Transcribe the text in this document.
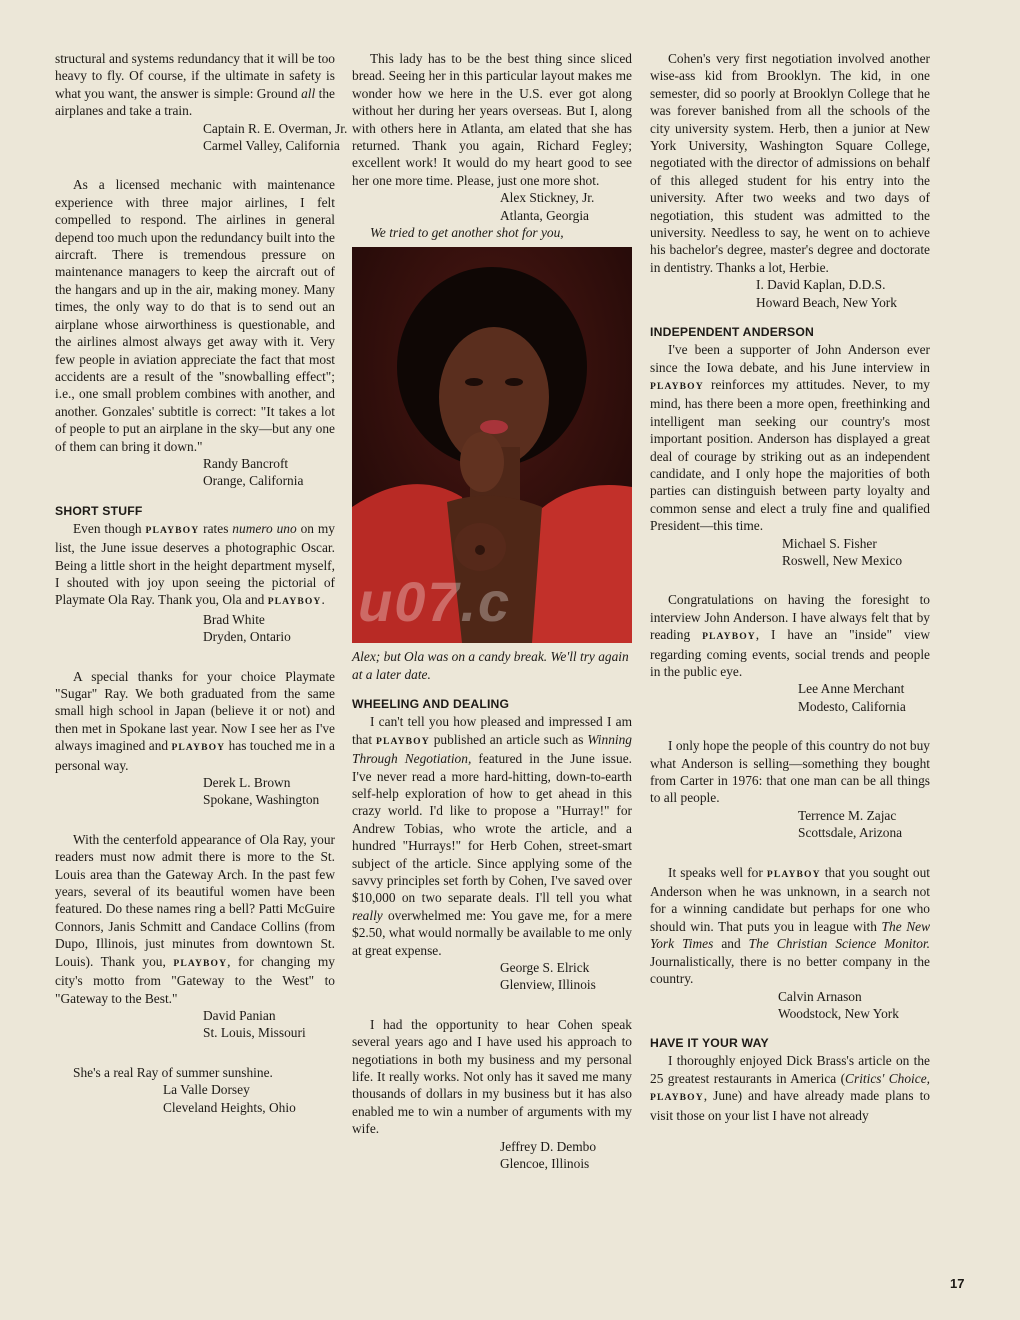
structural and systems redundancy that it will be too heavy to fly. Of course, if the ultimate in safety is what you want, the answer is simple: Ground all the airplanes and take a train.

Captain R. E. Overman, Jr.
Carmel Valley, California

As a licensed mechanic with maintenance experience with three major airlines, I felt compelled to respond. The airlines in general depend too much upon the redundancy built into the aircraft. There is tremendous pressure on maintenance managers to keep the aircraft out of the hangars and up in the air, making money. Many times, the only way to do that is to send out an airplane whose airworthiness is questionable, and the airlines almost always get away with it. Very few people in aviation appreciate the fact that most accidents are a result of the "snowballing effect"; i.e., one small problem combines with another, and another. Gonzales' subtitle is correct: "It takes a lot of people to put an airplane in the sky—but any one of them can bring it down."

Randy Bancroft
Orange, California
SHORT STUFF

Even though PLAYBOY rates numero uno on my list, the June issue deserves a photographic Oscar. Being a little short in the height department myself, I shouted with joy upon seeing the pictorial of Playmate Ola Ray. Thank you, Ola and PLAYBOY.

Brad White
Dryden, Ontario

A special thanks for your choice Playmate "Sugar" Ray. We both graduated from the same small high school in Japan (believe it or not) and then met in Spokane last year. Now I see her as I've always imagined and PLAYBOY has touched me in a personal way.

Derek L. Brown
Spokane, Washington

With the centerfold appearance of Ola Ray, your readers must now admit there is more to the St. Louis area than the Gateway Arch. In the past few years, several of its beautiful women have been featured. Do these names ring a bell? Patti McGuire Connors, Janis Schmitt and Candace Collins (from Dupo, Illinois, just minutes from downtown St. Louis). Thank you, PLAYBOY, for changing my city's motto from "Gateway to the West" to "Gateway to the Best."

David Panian
St. Louis, Missouri

She's a real Ray of summer sunshine.

La Valle Dorsey
Cleveland Heights, Ohio

This lady has to be the best thing since sliced bread. Seeing her in this particular layout makes me wonder how we here in the U.S. ever got along without her during her years overseas. But I, along with others here in Atlanta, am elated that she has returned. Thank you again, Richard Fegley; excellent work! It would do my heart good to see her one more time. Please, just one more shot.

Alex Stickney, Jr.
Atlanta, Georgia
We tried to get another shot for you,
u07.c
Alex; but Ola was on a candy break. We'll try again at a later date.
WHEELING AND DEALING

I can't tell you how pleased and impressed I am that PLAYBOY published an article such as Winning Through Negotiation, featured in the June issue. I've never read a more hard-hitting, down-to-earth self-help exploration of how to get ahead in this crazy world. I'd like to propose a "Hurray!" for Andrew Tobias, who wrote the article, and a hundred "Hurrays!" for Herb Cohen, street-smart subject of the article. Since applying some of the savvy principles set forth by Cohen, I've saved over $10,000 on two separate deals. I'll tell you what really overwhelmed me: You gave me, for a mere $2.50, what would normally be available to me only at great expense.

George S. Elrick
Glenview, Illinois

I had the opportunity to hear Cohen speak several years ago and I have used his approach to negotiations in both my business and my personal life. It really works. Not only has it saved me many thousands of dollars in my business but it has also enabled me to win a number of arguments with my wife.

Jeffrey D. Dembo
Glencoe, Illinois

Cohen's very first negotiation involved another wise-ass kid from Brooklyn. The kid, in one semester, did so poorly at Brooklyn College that he was forever banished from all the schools of the city university system. Herb, then a junior at New York University, Washington Square College, negotiated with the director of admissions on behalf of this alleged student for his entry into the university. After two weeks and two days of negotiation, this student was admitted to the university. Needless to say, he went on to achieve his bachelor's degree, master's degree and doctorate in dentistry. Thanks a lot, Herbie.

I. David Kaplan, D.D.S.
Howard Beach, New York
INDEPENDENT ANDERSON

I've been a supporter of John Anderson ever since the Iowa debate, and his June interview in PLAYBOY reinforces my attitudes. Never, to my mind, has there been a more open, freethinking and intelligent man seeking our country's most important position. Anderson has displayed a great deal of courage by striking out as an independent candidate, and I only hope the majorities of both parties can distinguish between party loyalty and common sense and elect a truly fine and qualified President—this time.

Michael S. Fisher
Roswell, New Mexico

Congratulations on having the foresight to interview John Anderson. I have always felt that by reading PLAYBOY, I have an "inside" view regarding coming events, social trends and people in the public eye.

Lee Anne Merchant
Modesto, California

I only hope the people of this country do not buy what Anderson is selling—something they bought from Carter in 1976: that one man can be all things to all people.

Terrence M. Zajac
Scottsdale, Arizona

It speaks well for PLAYBOY that you sought out Anderson when he was unknown, in a search not for a winning candidate but perhaps for one who should win. That puts you in league with The New York Times and The Christian Science Monitor. Journalistically, there is no better company in the country.

Calvin Arnason
Woodstock, New York
HAVE IT YOUR WAY

I thoroughly enjoyed Dick Brass's article on the 25 greatest restaurants in America (Critics' Choice, PLAYBOY, June) and have already made plans to visit those on your list I have not already

17
